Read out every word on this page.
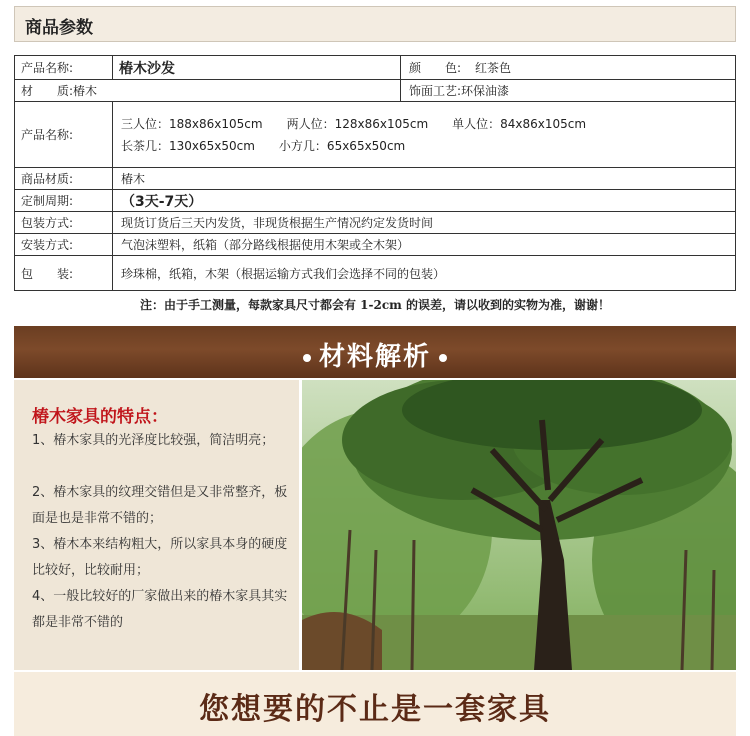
商品参数
产品名称:	椿木沙发	颜　　色: 红茶色
材　　质: 椿木	饰面工艺: 环保油漆
产品名称:
三人位：188x86x105cm　　两人位：128x86x105cm　　单人位：84x86x105cm
长茶几：130x65x50cm　　小方几：65x65x50cm
商品材质:	椿木
定制周期:	（3天-7天）
包装方式:	现货订货后三天内发货，非现货根据生产情况约定发货时间
安装方式:	气泡沫塑料，纸箱（部分路线根据使用木架或全木架）
包　　装:	珍珠棉，纸箱，木架（根据运输方式我们会选择不同的包装）
注：由于手工测量，每款家具尺寸都会有 1-2cm 的误差，请以收到的实物为准，谢谢！
材料解析
椿木家具的特点：
1、椿木家具的光泽度比较强，简洁明亮；
2、椿木家具的纹理交错但是又非常整齐，板面是也是非常不错的；
3、椿木本来结构粗大，所以家具本身的硬度比较好，比较耐用；
4、一般比较好的厂家做出来的椿木家具其实都是非常不错的
您想要的不止是一套家具
